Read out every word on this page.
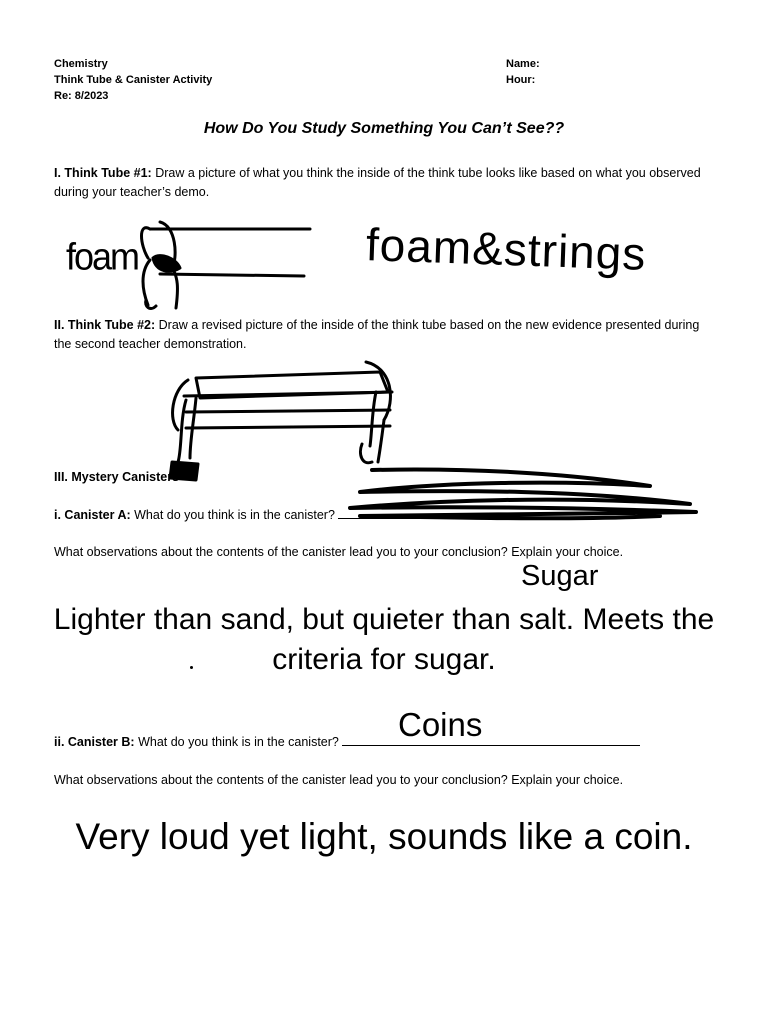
Chemistry
Think Tube & Canister Activity
Re: 8/2023
Name:
Hour:
How Do You Study Something You Can’t See??
I. Think Tube #1: Draw a picture of what you think the inside of the think tube looks like based on what you observed during your teacher’s demo.
foam	foam&strings
II. Think Tube #2: Draw a revised picture of the inside of the think tube based on the new evidence presented during the second teacher demonstration.
III. Mystery Canisters
i. Canister A: What do you think is in the canister?
What observations about the contents of the canister lead you to your conclusion? Explain your choice.
Sugar
Lighter than sand, but quieter than salt. Meets the criteria for sugar.
ii. Canister B: What do you think is in the canister?	Coins
What observations about the contents of the canister lead you to your conclusion? Explain your choice.
Very loud yet light, sounds like a coin.
